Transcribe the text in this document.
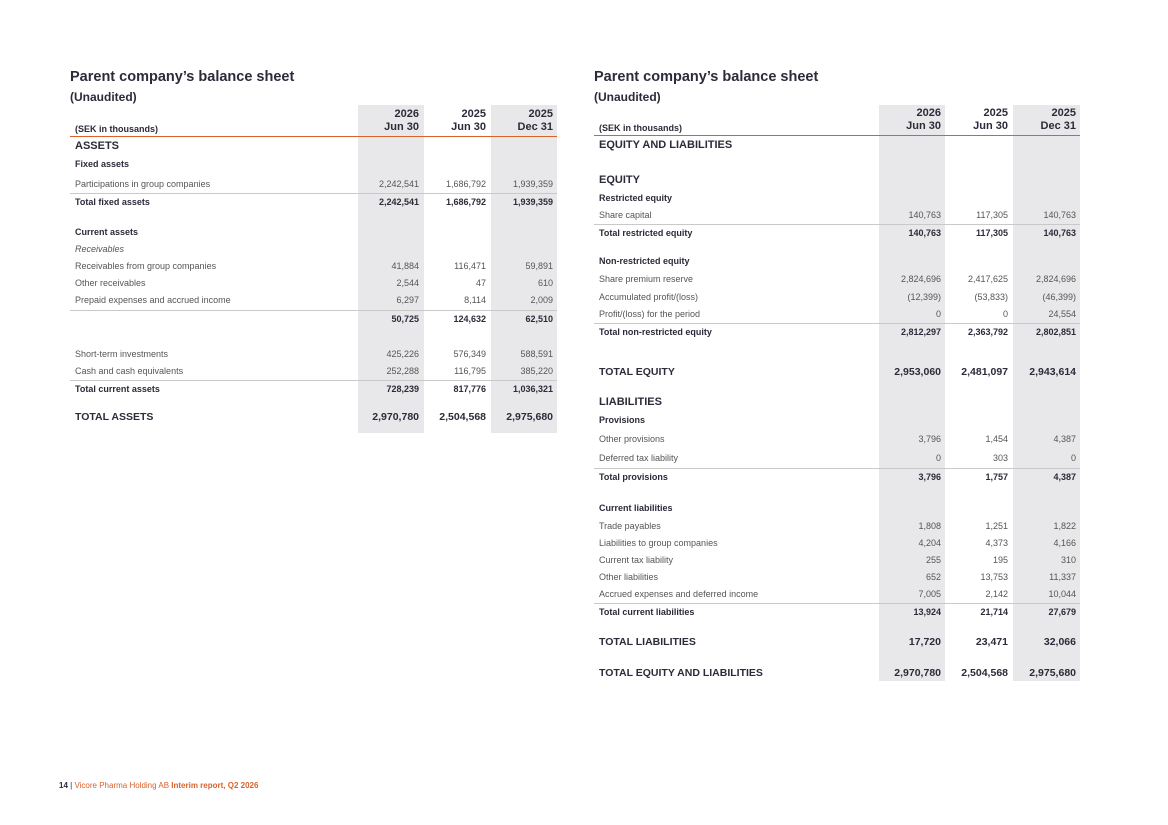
Parent company’s balance sheet
(Unaudited)
(SEK in thousands)
2026
Jun 30
2025
Jun 30
2025
Dec 31
ASSETS
Fixed assets
Participations in group companies	2,242,541	1,686,792	1,939,359
Total fixed assets	2,242,541	1,686,792	1,939,359
Current assets
Receivables
Receivables from group companies	41,884	116,471	59,891
Other receivables	2,544	47	610
Prepaid expenses and accrued income	6,297	8,114	2,009
50,725	124,632	62,510
Short-term investments	425,226	576,349	588,591
Cash and cash equivalents	252,288	116,795	385,220
Total current assets	728,239	817,776	1,036,321
TOTAL ASSETS	2,970,780 2,504,568 2,975,680
Parent company’s balance sheet
(Unaudited)
(SEK in thousands)
2026
Jun 30
2025
Jun 30
2025
Dec 31
EQUITY AND LIABILITIES
EQUITY
Restricted equity
Share capital	140,763	117,305	140,763
Total restricted equity	140,763	117,305	140,763
Non-restricted equity
Share premium reserve	2,824,696	2,417,625	2,824,696
Accumulated profit/(loss)	(12,399)	(53,833)	(46,399)
Profit/(loss) for the period	0	0	24,554
Total non-restricted equity	2,812,297	2,363,792	2,802,851
TOTAL EQUITY	2,953,060 2,481,097 2,943,614
LIABILITIES
Provisions
Other provisions	3,796	1,454	4,387
Deferred tax liability	0	303	0
Total provisions	3,796	1,757	4,387
Current liabilities
Trade payables	1,808	1,251	1,822
Liabilities to group companies	4,204	4,373	4,166
Current tax liability	255	195	310
Other liabilities	652	13,753	11,337
Accrued expenses and deferred income	7,005	2,142	10,044
Total current liabilities	13,924	21,714	27,679
TOTAL LIABILITIES	17,720	23,471	32,066
TOTAL EQUITY AND LIABILITIES	2,970,780 2,504,568 2,975,680
14 | Vicore Pharma Holding AB Interim report, Q2 2026
